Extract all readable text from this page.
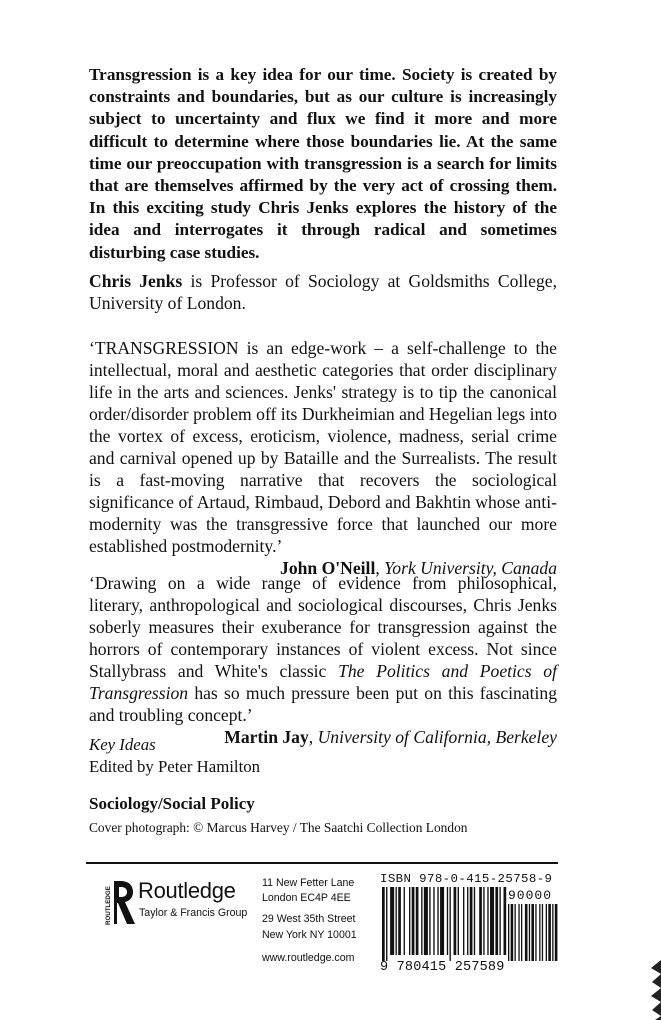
Transgression is a key idea for our time. Society is created by constraints and boundaries, but as our culture is increasingly subject to uncertainty and flux we find it more and more difficult to determine where those boundaries lie. At the same time our preoccupation with transgression is a search for limits that are themselves affirmed by the very act of crossing them. In this exciting study Chris Jenks explores the history of the idea and interrogates it through radical and sometimes disturbing case studies.

Chris Jenks is Professor of Sociology at Goldsmiths College, University of London.

‘TRANSGRESSION is an edge-work – a self-challenge to the intellectual, moral and aesthetic categories that order disciplinary life in the arts and sciences. Jenks' strategy is to tip the canonical order/disorder problem off its Durkheimian and Hegelian legs into the vortex of excess, eroticism, violence, madness, serial crime and carnival opened up by Bataille and the Surrealists. The result is a fast-moving narrative that recovers the sociological significance of Artaud, Rimbaud, Debord and Bakhtin whose anti-modernity was the transgressive force that launched our more established postmodernity.’

John O'Neill, York University, Canada

‘Drawing on a wide range of evidence from philosophical, literary, anthropological and sociological discourses, Chris Jenks soberly measures their exuberance for transgression against the horrors of contemporary instances of violent excess. Not since Stallybrass and White's classic The Politics and Poetics of Transgression has so much pressure been put on this fascinating and troubling concept.’

Martin Jay, University of California, Berkeley
Key Ideas
Edited by Peter Hamilton
Sociology/Social Policy
Cover photograph: © Marcus Harvey / The Saatchi Collection London
ROUTLEDGE Routledge
Taylor & Francis Group
11 New Fetter Lane
London EC4P 4EE
29 West 35th Street
New York NY 10001
www.routledge.com
ISBN 978-0-415-25758-9
90000
9 780415 257589
